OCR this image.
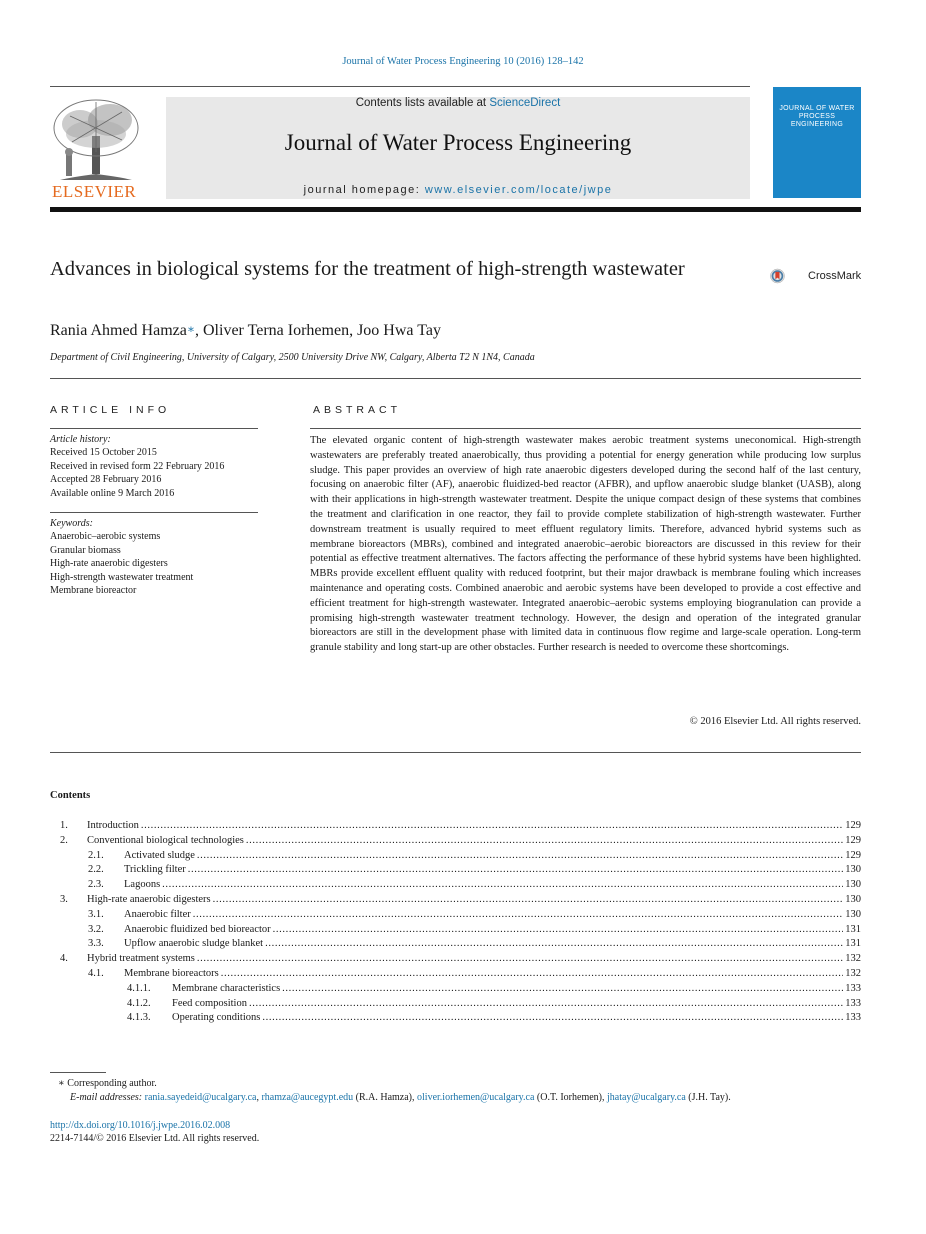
Journal of Water Process Engineering 10 (2016) 128–142
ELSEVIER
Contents lists available at ScienceDirect
Journal of Water Process Engineering
journal homepage: www.elsevier.com/locate/jwpe
JOURNAL OF WATER PROCESS ENGINEERING
Advances in biological systems for the treatment of high-strength wastewater	CrossMark
Rania Ahmed Hamza∗, Oliver Terna Iorhemen, Joo Hwa Tay
Department of Civil Engineering, University of Calgary, 2500 University Drive NW, Calgary, Alberta T2 N 1N4, Canada
ARTICLE INFO
Article history:
Received 15 October 2015
Received in revised form 22 February 2016
Accepted 28 February 2016
Available online 9 March 2016
Keywords:
Anaerobic–aerobic systems
Granular biomass
High-rate anaerobic digesters
High-strength wastewater treatment
Membrane bioreactor
ABSTRACT
The elevated organic content of high-strength wastewater makes aerobic treatment systems uneconomical. High-strength wastewaters are preferably treated anaerobically, thus providing a potential for energy generation while producing low surplus sludge. This paper provides an overview of high rate anaerobic digesters developed during the second half of the last century, focusing on anaerobic filter (AF), anaerobic fluidized-bed reactor (AFBR), and upflow anaerobic sludge blanket (UASB), along with their applications in high-strength wastewater treatment. Despite the unique compact design of these systems that combines the treatment and clarification in one reactor, they fail to provide complete stabilization of high-strength wastewater. Further downstream treatment is usually required to meet effluent regulatory limits. Therefore, advanced hybrid systems such as membrane bioreactors (MBRs), combined and integrated anaerobic–aerobic bioreactors are discussed in this review for their potential as effective treatment alternatives. The factors affecting the performance of these hybrid systems have been highlighted. MBRs provide excellent effluent quality with reduced footprint, but their major drawback is membrane fouling which increases maintenance and operating costs. Combined anaerobic and aerobic systems have been developed to provide a cost effective and efficient treatment for high-strength wastewater. Integrated anaerobic–aerobic systems employing biogranulation can provide a promising high-strength wastewater treatment technology. However, the design and operation of the integrated granular bioreactors are still in the development phase with limited data in continuous flow regime and large-scale operation. Long-term granule stability and long start-up are other obstacles. Further research is needed to overcome these shortcomings.
© 2016 Elsevier Ltd. All rights reserved.
Contents
1. Introduction . . .	129
2. Conventional biological technologies . . .	129
2.1. Activated sludge . . .	129
2.2. Trickling filter . . .	130
2.3. Lagoons . . .	130
3. High-rate anaerobic digesters . . .	130
3.1. Anaerobic filter . . .	130
3.2. Anaerobic fluidized bed bioreactor . . .	131
3.3. Upflow anaerobic sludge blanket . . .	131
4. Hybrid treatment systems . . .	132
4.1. Membrane bioreactors . . .	132
4.1.1. Membrane characteristics . . .	133
4.1.2. Feed composition . . .	133
4.1.3. Operating conditions . . .	133
∗ Corresponding author.
E-mail addresses: rania.sayedeid@ucalgary.ca, rhamza@aucegypt.edu (R.A. Hamza), oliver.iorhemen@ucalgary.ca (O.T. Iorhemen), jhatay@ucalgary.ca (J.H. Tay).
http://dx.doi.org/10.1016/j.jwpe.2016.02.008
2214-7144/© 2016 Elsevier Ltd. All rights reserved.
